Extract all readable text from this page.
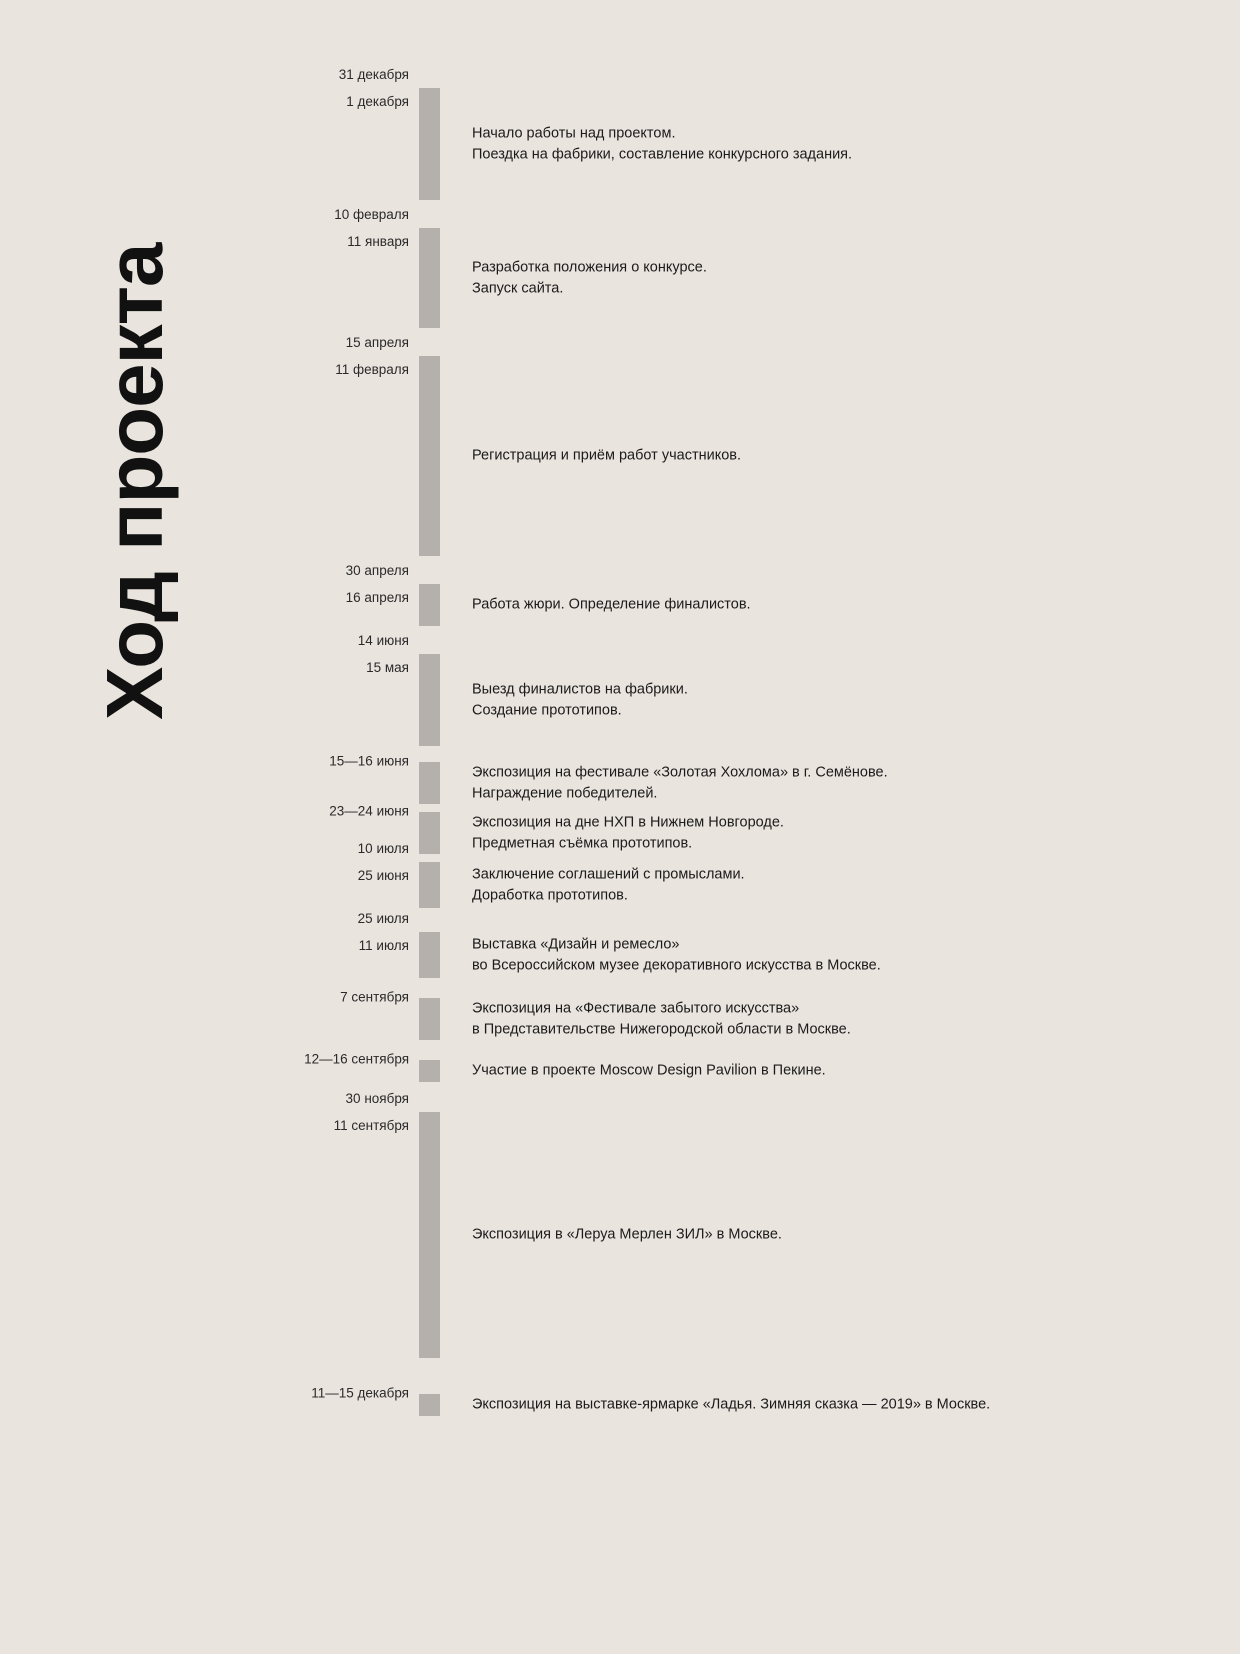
Ход проекта
1 декабря
31 декабря
Начало работы над проектом.
Поездка на фабрики, составление конкурсного задания.
11 января
10 февраля
Разработка положения о конкурсе.
Запуск сайта.
11 февраля
15 апреля
Регистрация и приём работ участников.
16 апреля
30 апреля
Работа жюри. Определение финалистов.
15 мая
14 июня
Выезд финалистов на фабрики.
Создание прототипов.
15—16 июня
Экспозиция на фестивале «Золотая Хохлома» в г. Семёнове.
Награждение победителей.
23—24 июня
Экспозиция на дне НХП в Нижнем Новгороде.
Предметная съёмка прототипов.
25 июня
10 июля
Заключение соглашений с промыслами.
Доработка прототипов.
11 июля
25 июля
Выставка «Дизайн и ремесло»
во Всероссийском музее декоративного искусства в Москве.
7 сентября
Экспозиция на «Фестивале забытого искусства»
в Представительстве Нижегородской области в Москве.
12—16 сентября
Участие в проекте Moscow Design Pavilion в Пекине.
11 сентября
30 ноября
Экспозиция в «Леруа Мерлен ЗИЛ» в Москве.
11—15 декабря
Экспозиция на выставке-ярмарке «Ладья. Зимняя сказка — 2019» в Москве.
